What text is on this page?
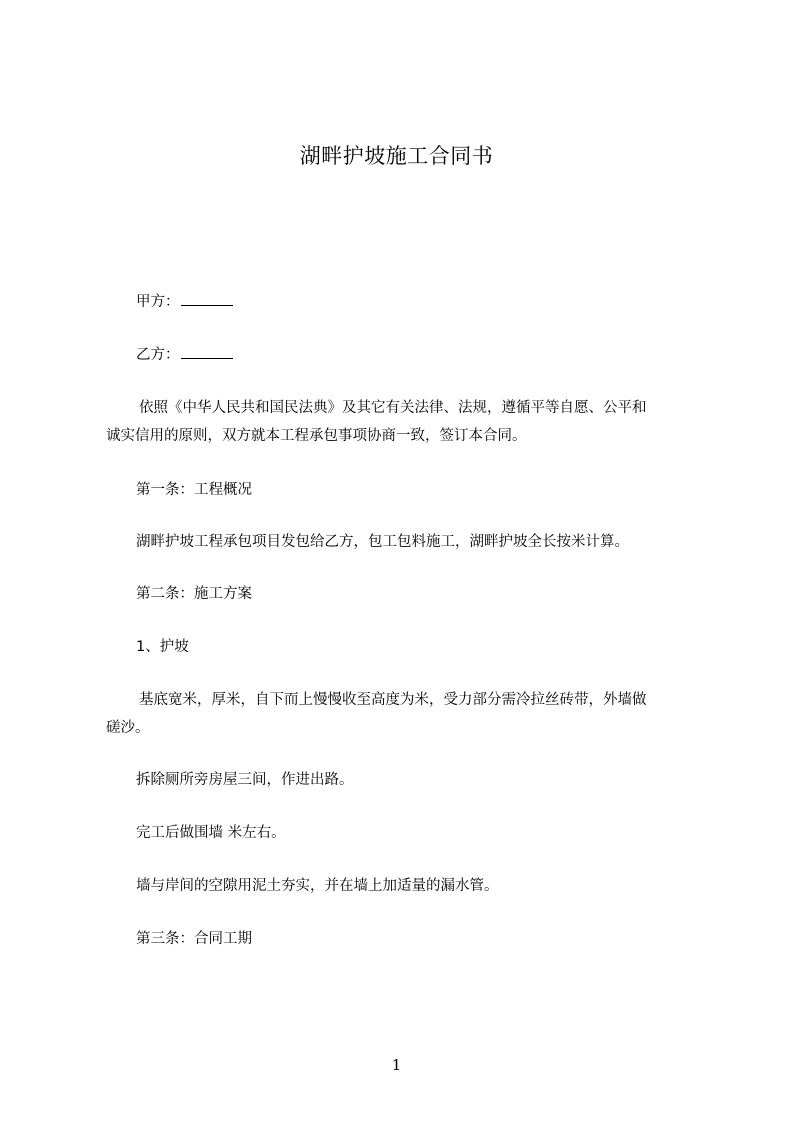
湖畔护坡施工合同书
甲方：
乙方：
依照《中华人民共和国民法典》及其它有关法律、法规，遵循平等自愿、公平和
诚实信用的原则，双方就本工程承包事项协商一致，签订本合同。
第一条：工程概况
湖畔护坡工程承包项目发包给乙方，包工包料施工，湖畔护坡全长按米计算。
第二条：施工方案
1、护坡
基底宽米，厚米，自下而上慢慢收至高度为米，受力部分需冷拉丝砖带，外墙做
磋沙。
拆除厕所旁房屋三间，作进出路。
完工后做围墙 米左右。
墙与岸间的空隙用泥土夯实，并在墙上加适量的漏水管。
第三条：合同工期
1
